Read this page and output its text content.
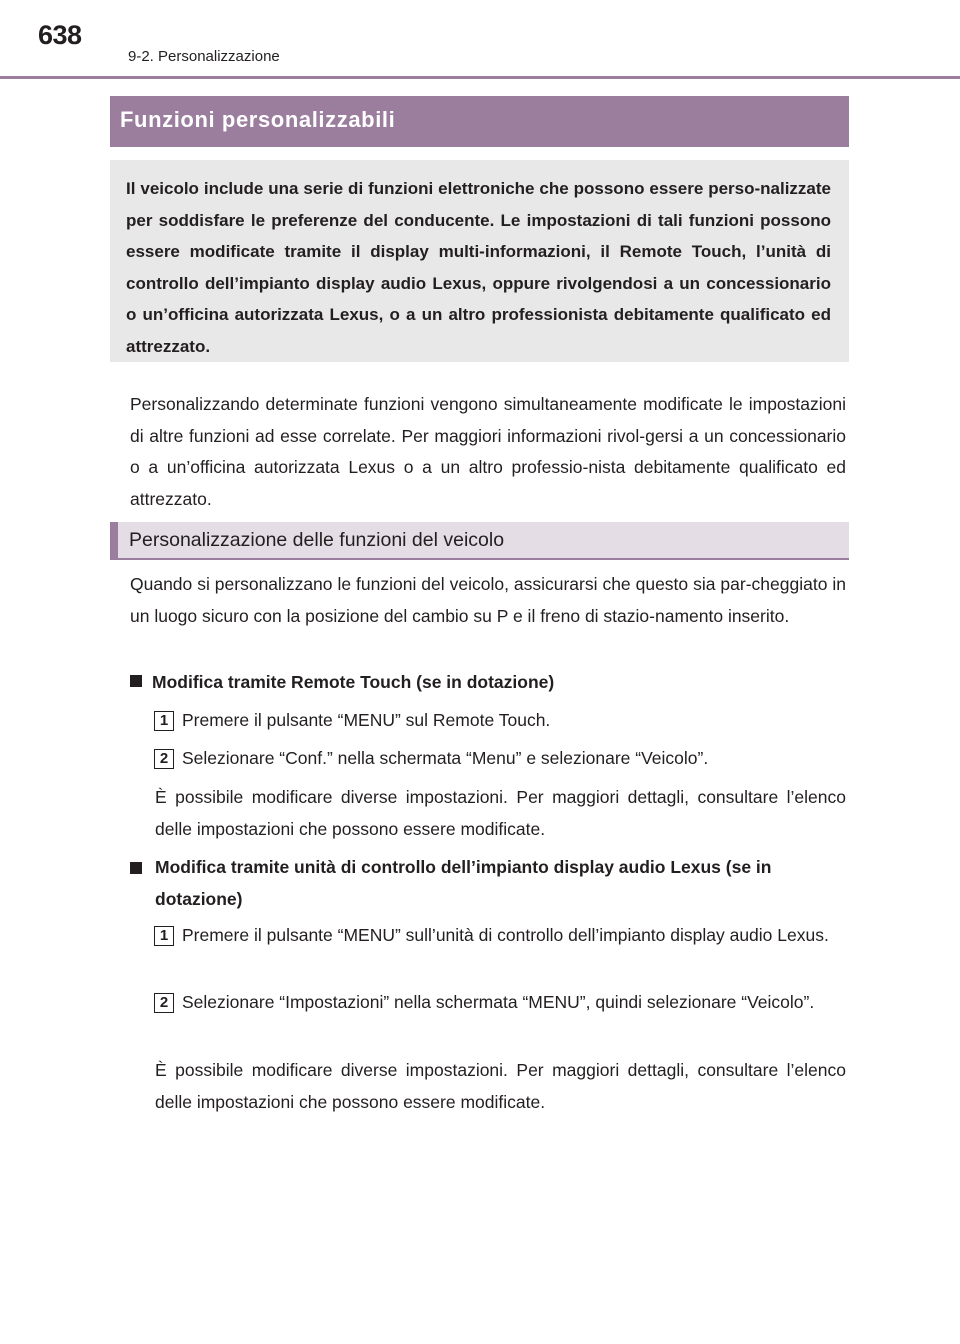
638
9-2. Personalizzazione
Funzioni personalizzabili

Il veicolo include una serie di funzioni elettroniche che possono essere perso-nalizzate per soddisfare le preferenze del conducente. Le impostazioni di tali funzioni possono essere modificate tramite il display multi-informazioni, il Remote Touch, l’unità di controllo dell’impianto display audio Lexus, oppure rivolgendosi a un concessionario o un’officina autorizzata Lexus, o a un altro professionista debitamente qualificato ed attrezzato.

Personalizzando determinate funzioni vengono simultaneamente modificate le impostazioni di altre funzioni ad esse correlate. Per maggiori informazioni rivol-gersi a un concessionario o a un’officina autorizzata Lexus o a un altro professio-nista debitamente qualificato ed attrezzato.

Personalizzazione delle funzioni del veicolo

Quando si personalizzano le funzioni del veicolo, assicurarsi che questo sia par-cheggiato in un luogo sicuro con la posizione del cambio su P e il freno di stazio-namento inserito.

Modifica tramite Remote Touch (se in dotazione)

1 Premere il pulsante “MENU” sul Remote Touch.

2 Selezionare “Conf.” nella schermata “Menu” e selezionare “Veicolo”.

È possibile modificare diverse impostazioni. Per maggiori dettagli, consultare l’elenco delle impostazioni che possono essere modificate.

Modifica tramite unità di controllo dell’impianto display audio Lexus (se in dotazione)
1 Premere il pulsante “MENU” sull’unità di controllo dell’impianto display audio Lexus.

2 Selezionare “Impostazioni” nella schermata “MENU”, quindi selezionare “Veicolo”.

È possibile modificare diverse impostazioni. Per maggiori dettagli, consultare l’elenco delle impostazioni che possono essere modificate.
